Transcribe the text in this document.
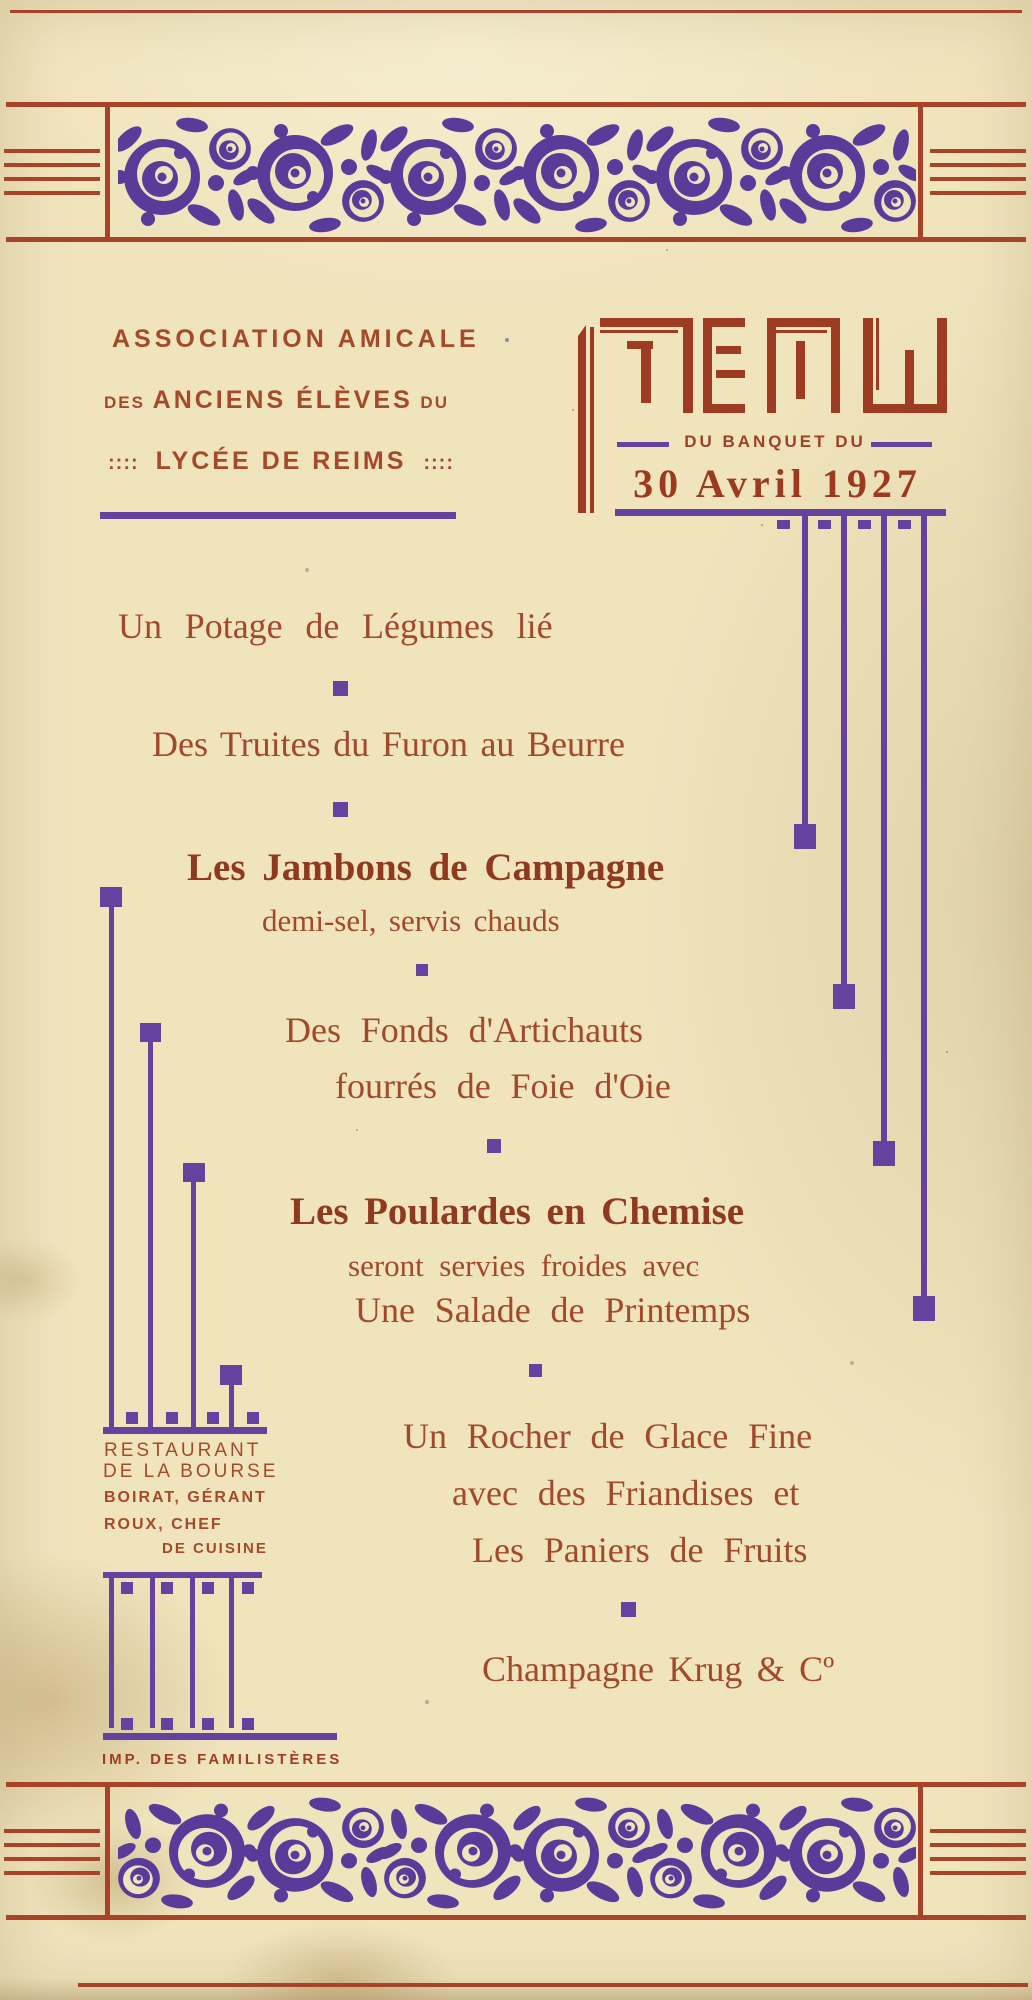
ASSOCIATION AMICALE
DES ANCIENS ÉLÈVES DU
:::: LYCÉE DE REIMS ::::
DU BANQUET DU
30 Avril 1927
Un Potage de Légumes lié
Des Truites du Furon au Beurre
Les Jambons de Campagne
demi-sel, servis chauds
Des Fonds d'Artichauts
fourrés de Foie d'Oie
Les Poulardes en Chemise
seront servies froides avec
Une Salade de Printemps
Un Rocher de Glace Fine
avec des Friandises et
Les Paniers de Fruits
Champagne Krug & Cº
RESTAURANT
DE LA BOURSE
BOIRAT, GÉRANT
ROUX, CHEF
DE CUISINE
IMP. DES FAMILISTÈRES
